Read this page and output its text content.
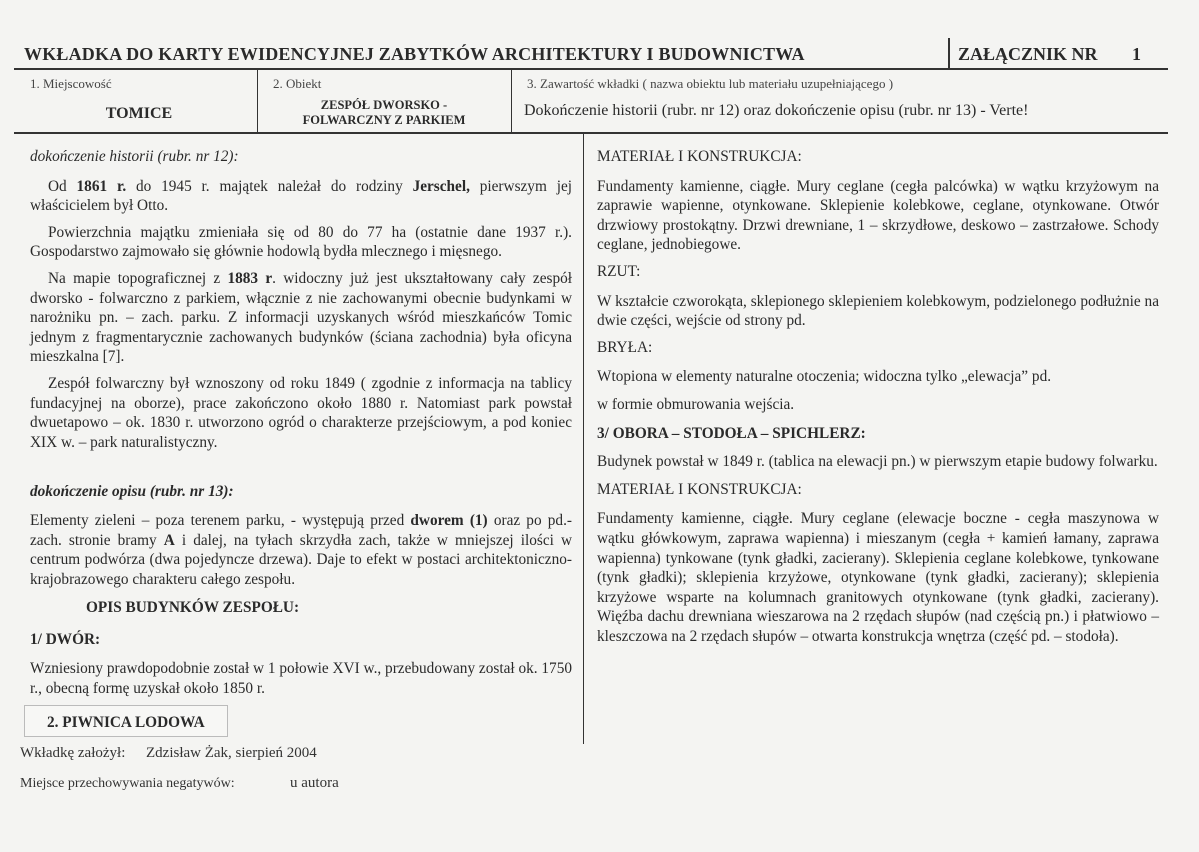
WKŁADKA DO KARTY EWIDENCYJNEJ ZABYTKÓW ARCHITEKTURY I BUDOWNICTWA	ZAŁĄCZNIK NR 1
1. Miejscowość
TOMICE
2. Obiekt
ZESPÓŁ DWORSKO -
FOLWARCZNY Z PARKIEM
3. Zawartość wkładki ( nazwa obiektu lub materiału uzupełniającego )
Dokończenie historii (rubr. nr 12) oraz dokończenie opisu (rubr. nr 13) - Verte!

dokończenie historii (rubr. nr 12):

Od 1861 r. do 1945 r. majątek należał do rodziny Jerschel, pierwszym jej właścicielem był Otto.

Powierzchnia majątku zmieniała się od 80 do 77 ha (ostatnie dane 1937 r.). Gospodarstwo zajmowało się głównie hodowlą bydła mlecznego i mięsnego.

Na mapie topograficznej z 1883 r. widoczny już jest ukształtowany cały zespół dworsko - folwarczno z parkiem, włącznie z nie zachowanymi obecnie budynkami w narożniku pn. – zach. parku. Z informacji uzyskanych wśród mieszkańców Tomic jednym z fragmentarycznie zachowanych budynków (ściana zachodnia) była oficyna mieszkalna [7].

Zespół folwarczny był wznoszony od roku 1849 ( zgodnie z informacja na tablicy fundacyjnej na oborze), prace zakończono około 1880 r. Natomiast park powstał dwuetapowo – ok. 1830 r. utworzono ogród o charakterze przejściowym, a pod koniec XIX w. – park naturalistyczny.

dokończenie opisu (rubr. nr 13):

Elementy zieleni – poza terenem parku, - występują przed dworem (1) oraz po pd.-zach. stronie bramy A i dalej, na tyłach skrzydła zach, także w mniejszej ilości w centrum podwórza (dwa pojedyncze drzewa). Daje to efekt w postaci architektoniczno-krajobrazowego charakteru całego zespołu.

OPIS BUDYNKÓW ZESPOŁU:

1/ DWÓR:

Wzniesiony prawdopodobnie został w 1 połowie XVI w., przebudowany został ok. 1750 r., obecną formę uzyskał około 1850 r.

2. PIWNICA LODOWA

MATERIAŁ I KONSTRUKCJA:

Fundamenty kamienne, ciągłe. Mury ceglane (cegła palcówka) w wątku krzyżowym na zaprawie wapienne, otynkowane. Sklepienie kolebkowe, ceglane, otynkowane. Otwór drzwiowy prostokątny. Drzwi drewniane, 1 – skrzydłowe, deskowo – zastrzałowe. Schody ceglane, jednobiegowe.

RZUT:

W kształcie czworokąta, sklepionego sklepieniem kolebkowym, podzielonego podłużnie na dwie części, wejście od strony pd.

BRYŁA:

Wtopiona w elementy naturalne otoczenia; widoczna tylko „elewacja” pd.

w formie obmurowania wejścia.

3/ OBORA – STODOŁA – SPICHLERZ:

Budynek powstał w 1849 r. (tablica na elewacji pn.) w pierwszym etapie budowy folwarku.

MATERIAŁ I KONSTRUKCJA:

Fundamenty kamienne, ciągłe. Mury ceglane (elewacje boczne - cegła maszynowa w wątku główkowym, zaprawa wapienna) i mieszanym (cegła + kamień łamany, zaprawa wapienna) tynkowane (tynk gładki, zacierany). Sklepienia ceglane kolebkowe, tynkowane (tynk gładki); sklepienia krzyżowe, otynkowane (tynk gładki, zacierany); sklepienia krzyżowe wsparte na kolumnach granitowych otynkowane (tynk gładki, zacierany). Więźba dachu drewniana wieszarowa na 2 rzędach słupów (nad częścią pn.) i płatwiowo – kleszczowa na 2 rzędach słupów – otwarta konstrukcja wnętrza (część pd. – stodoła).

Wkładkę założył: Zdzisław Żak, sierpień 2004
Miejsce przechowywania negatywów:	u autora
